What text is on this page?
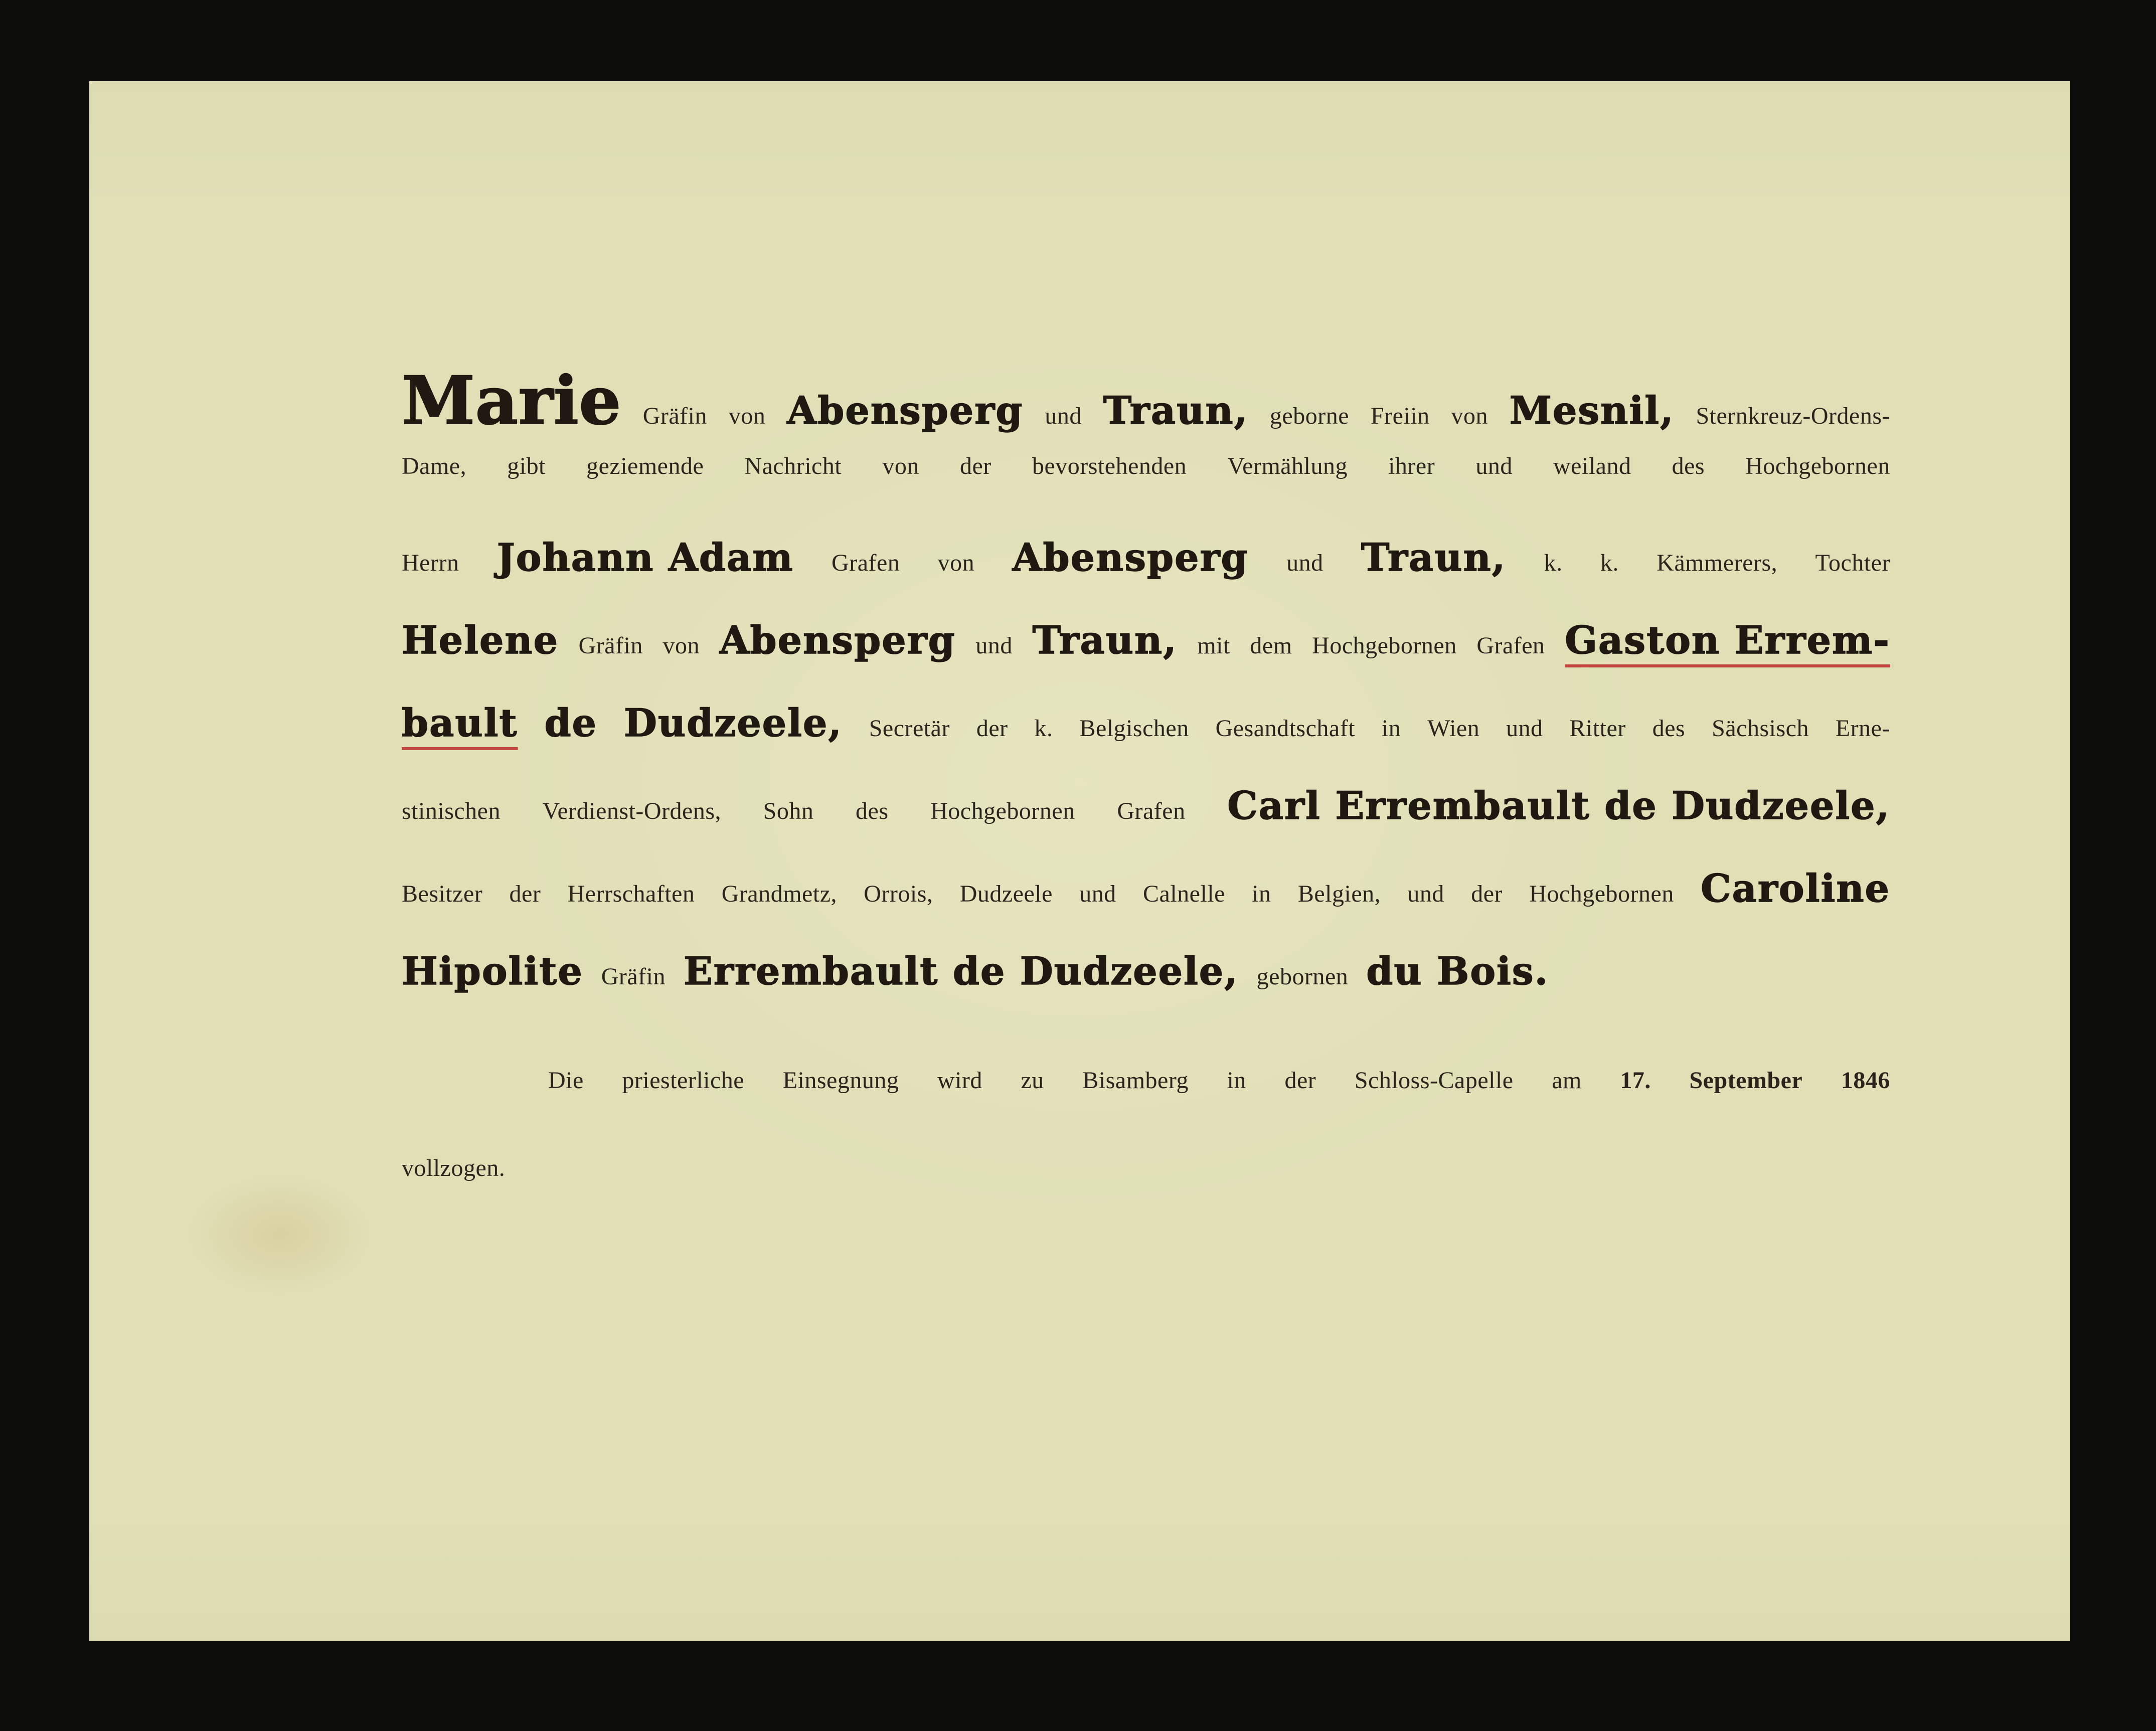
Marie Gräfin von Abensperg und Traun, geborne Freiin von Mesnil, Sternkreuz-Ordens-
Dame, gibt geziemende Nachricht von der bevorstehenden Vermählung ihrer und weiland des Hochgebornen
Herrn Johann Adam Grafen von Abensperg und Traun, k. k. Kämmerers, Tochter
Helene Gräfin von Abensperg und Traun, mit dem Hochgebornen Grafen Gaston Errem-
bault de Dudzeele, Secretär der k. Belgischen Gesandtschaft in Wien und Ritter des Sächsisch Erne-
stinischen Verdienst-Ordens, Sohn des Hochgebornen Grafen Carl Errembault de Dudzeele,
Besitzer der Herrschaften Grandmetz, Orrois, Dudzeele und Calnelle in Belgien, und der Hochgebornen Caroline
Hipolite Gräfin Errembault de Dudzeele, gebornen du Bois.
Die priesterliche Einsegnung wird zu Bisamberg in der Schloss-Capelle am 17. September 1846
vollzogen.
